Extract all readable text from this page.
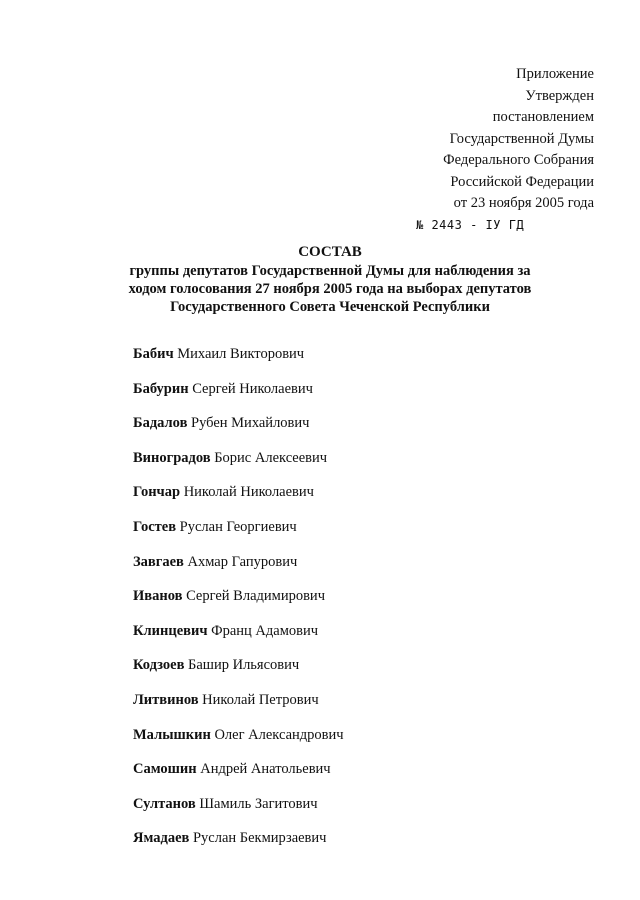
Приложение
Утвержден
постановлением
Государственной Думы
Федерального Собрания
Российской Федерации
от 23 ноября 2005 года
№ 2443 - IУ ГД
СОСТАВ
группы депутатов Государственной Думы для наблюдения за
ходом голосования 27 ноября 2005 года на выборах депутатов
Государственного Совета Чеченской Республики
Бабич Михаил Викторович
Бабурин Сергей Николаевич
Бадалов Рубен Михайлович
Виноградов Борис Алексеевич
Гончар Николай Николаевич
Гостев Руслан Георгиевич
Завгаев Ахмар Гапурович
Иванов Сергей Владимирович
Клинцевич Франц Адамович
Кодзоев Башир Ильясович
Литвинов Николай Петрович
Малышкин Олег Александрович
Самошин Андрей Анатольевич
Султанов Шамиль Загитович
Ямадаев Руслан Бекмирзаевич
